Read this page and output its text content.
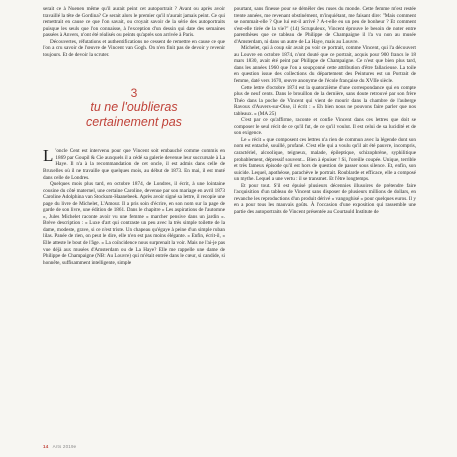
serait ce à Nuenen même qu'il aurait peint cet autoportrait ? Avant ou après avoir travaillé la tête de Gordina? Ce serait alors le premier qu'il n'aurait jamais peint. Ce qui remettrait en cause ce que l'on savait, ou croyait savoir de la série des autoportraits puisque les seuls que l'on connaisse, à l'exception d'un dessin qui date des semaines passées à Anvers, n'ont été réalisés ou peints qu'après son arrivée à Paris.

Découvertes, réfutations et authentifications ne cessent de remettre en cause ce que l'on a cru savoir de l'œuvre de Vincent van Gogh. On n'en finit pas de devoir y revenir toujours. Et de devoir la scruter.

3
tu ne l'oublieras
certainement pas

L 'oncle Cent est intervenu pour que Vincent soit embauché comme commis en 1869 par Goupil & Cie auxquels il a cédé sa galerie devenue leur succursale à La Haye. Il n'a à la recommandation de cet oncle, il est admis dans celle de Bruxelles où il ne travaille que quelques mois, au début de 1873. En mai, il est muté dans celle de Londres.

Quelques mois plus tard, en octobre 1874, de Londres, il écrit, à une lointaine cousine du côté maternel, une certaine Caroline, devenue par son mariage en avril 1873 Caroline Adolphina van Stockum-Haanebeek. Après avoir signé sa lettre, il recopie une page du livre de Michelet, L'Amour. Il a pris soin d'écrire, en son nom sur la page de garde de son livre, une édition de 1861. Dans le chapitre « Les aspirations de l'automne », Jules Michelet raconte avoir vu une femme « marcher pensive dans un jardin ». Brève description : « Luxe d'art qui contraste un peu avec la très simple toilette de la dame, modeste, grave, si ce n'est triste. Un chapeau qu'égaye à peine d'un simple ruban lilas. Panée de rien, on peut le dire, elle n'en est pas moins élégante. » Enfin, écrit-il, « Elle atteste le bout de l'âge. » La coïncidence nous surprenait la voir. Mais ne l'ai-je pas vue déjà aux musées d'Amsterdam ou de La Haye? Elle me rappelle une dame de Philippe de Champaigne (NB: Au Louvre) qui m'était entrée dans le cœur, si candide, si honnête, suffisamment intelligente, simple

pourtant, sans finesse pour se démêler des ruses du monde. Cette femme m'est restée trente années, me revenant obstinément, m'inquiétant, me faisant dire: "Mais comment se nommait-elle ? Que lui est-il arrivé ? A-t-elle eu un peu de bonheur ? Et comment s'est-elle tirée de la vie?" (14) Scrupuleux, Vincent éprouve le besoin de noter entre parenthèses que ce tableau de Philippe de Champaigne il l'a vu non au musée d'Amsterdam, ni dans un autre de La Haye, mais au Louvre.

Michelet, qui à coup sûr avait pu voir ce portrait, comme Vincent, qui l'a découvert au Louvre en octobre 1874, n'ont douté que ce portrait, acquis pour 900 francs le 18 mars 1830, avait été peint par Philippe de Champaigne. Ce n'est que bien plus tard, dans les années 1960 que l'on a soupçonné cette attribution d'être fallacieuse. La toile en question issue des collections du département des Peintures est un Portrait de femme, daté vers 1670, œuvre anonyme de l'école française du XVIIe siècle.

Cette lettre d'octobre 1874 est la quatorzième d'une correspondance qui en compte plus de neuf cents. Dans le brouillon de la dernière, sans doute retrouvé par son frère Théo dans la poche de Vincent qui vient de mourir dans la chambre de l'auberge Ravoux d'Auvers-sur-Oise, il écrit : « Eh bien nous ne pouvons faire parler que nos tableaux. » (MA 25)

C'est par ce qu'affirme, raconte et confie Vincent dans ces lettres que doit se composer le seul récit de ce qu'il fut, de ce qu'il voulut. Il est celui de sa lucidité et de son exigence.

Le « récit » que composent ces lettres n'a rien de commun avec la légende dont son nom est entaché, souillé, profané. C'est elle qui a voulu qu'il ait été pauvre, incompris, caractériel, alcoolique, teigneux, malade, épileptique, schizophrène, syphilitique probablement, dépressif souvent... Bien à épuiser ! Si, l'oreille coupée. Unique, terrible et très fameux épisode qu'il est hors de question de passer sous silence. Et, enfin, son suicide. Lequel, apothéose, parachève le portrait. Roublarde et efficace, elle a composé un mythe. Lequel a une vertu : il se transmet. Et l'être longtemps.

Et pour tout. S'il est épuisé plusieurs décennies illusoires de prétendre faire l'acquisition d'un tableau de Vincent sans disposer de plusieurs millions de dollars, en revanche les reproductions d'un produit dérivé « vangoghisé » pour quelques euros. Il y en a pour tous les mauvais goûts. À l'occasion d'une exposition qui rassemble une partie des autoportraits de Vincent présentée au Courtauld Institute de

14 Arts 2019e
